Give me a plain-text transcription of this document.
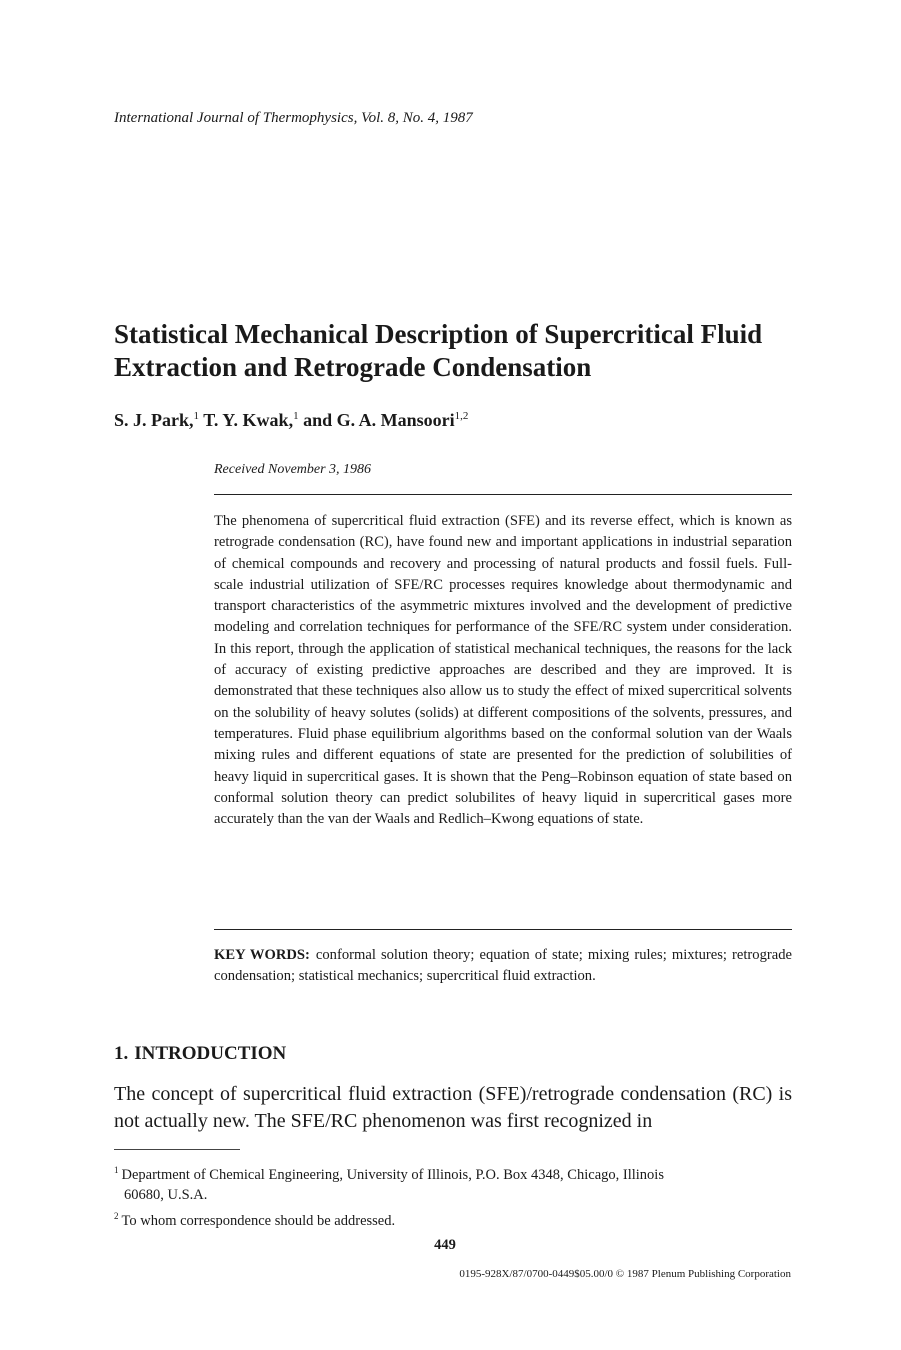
International Journal of Thermophysics, Vol. 8, No. 4, 1987
Statistical Mechanical Description of Supercritical Fluid Extraction and Retrograde Condensation
S. J. Park,$^1$ T. Y. Kwak,$^1$ and G. A. Mansoori$^{1,2}$
Received November 3, 1986

The phenomena of supercritical fluid extraction (SFE) and its reverse effect, which is known as retrograde condensation (RC), have found new and important applications in industrial separation of chemical compounds and recovery and processing of natural products and fossil fuels. Full-scale industrial utilization of SFE/RC processes requires knowledge about thermodynamic and transport characteristics of the asymmetric mixtures involved and the development of predictive modeling and correlation techniques for performance of the SFE/RC system under consideration. In this report, through the application of statistical mechanical techniques, the reasons for the lack of accuracy of existing predictive approaches are described and they are improved. It is demonstrated that these techniques also allow us to study the effect of mixed supercritical solvents on the solubility of heavy solutes (solids) at different compositions of the solvents, pressures, and temperatures. Fluid phase equilibrium algorithms based on the conformal solution van der Waals mixing rules and different equations of state are presented for the prediction of solubilities of heavy liquid in supercritical gases. It is shown that the Peng–Robinson equation of state based on conformal solution theory can predict solubilites of heavy liquid in supercritical gases more accurately than the van der Waals and Redlich–Kwong equations of state.

KEY WORDS: conformal solution theory; equation of state; mixing rules; mixtures; retrograde condensation; statistical mechanics; supercritical fluid extraction.

1. INTRODUCTION

The concept of supercritical fluid extraction (SFE)/retrograde condensation (RC) is not actually new. The SFE/RC phenomenon was first recognized in

$^1$ Department of Chemical Engineering, University of Illinois, P.O. Box 4348, Chicago, Illinois

60680, U.S.A.

$^2$ To whom correspondence should be addressed.

449
0195-928X/87/0700-0449$05.00/0 © 1987 Plenum Publishing Corporation
